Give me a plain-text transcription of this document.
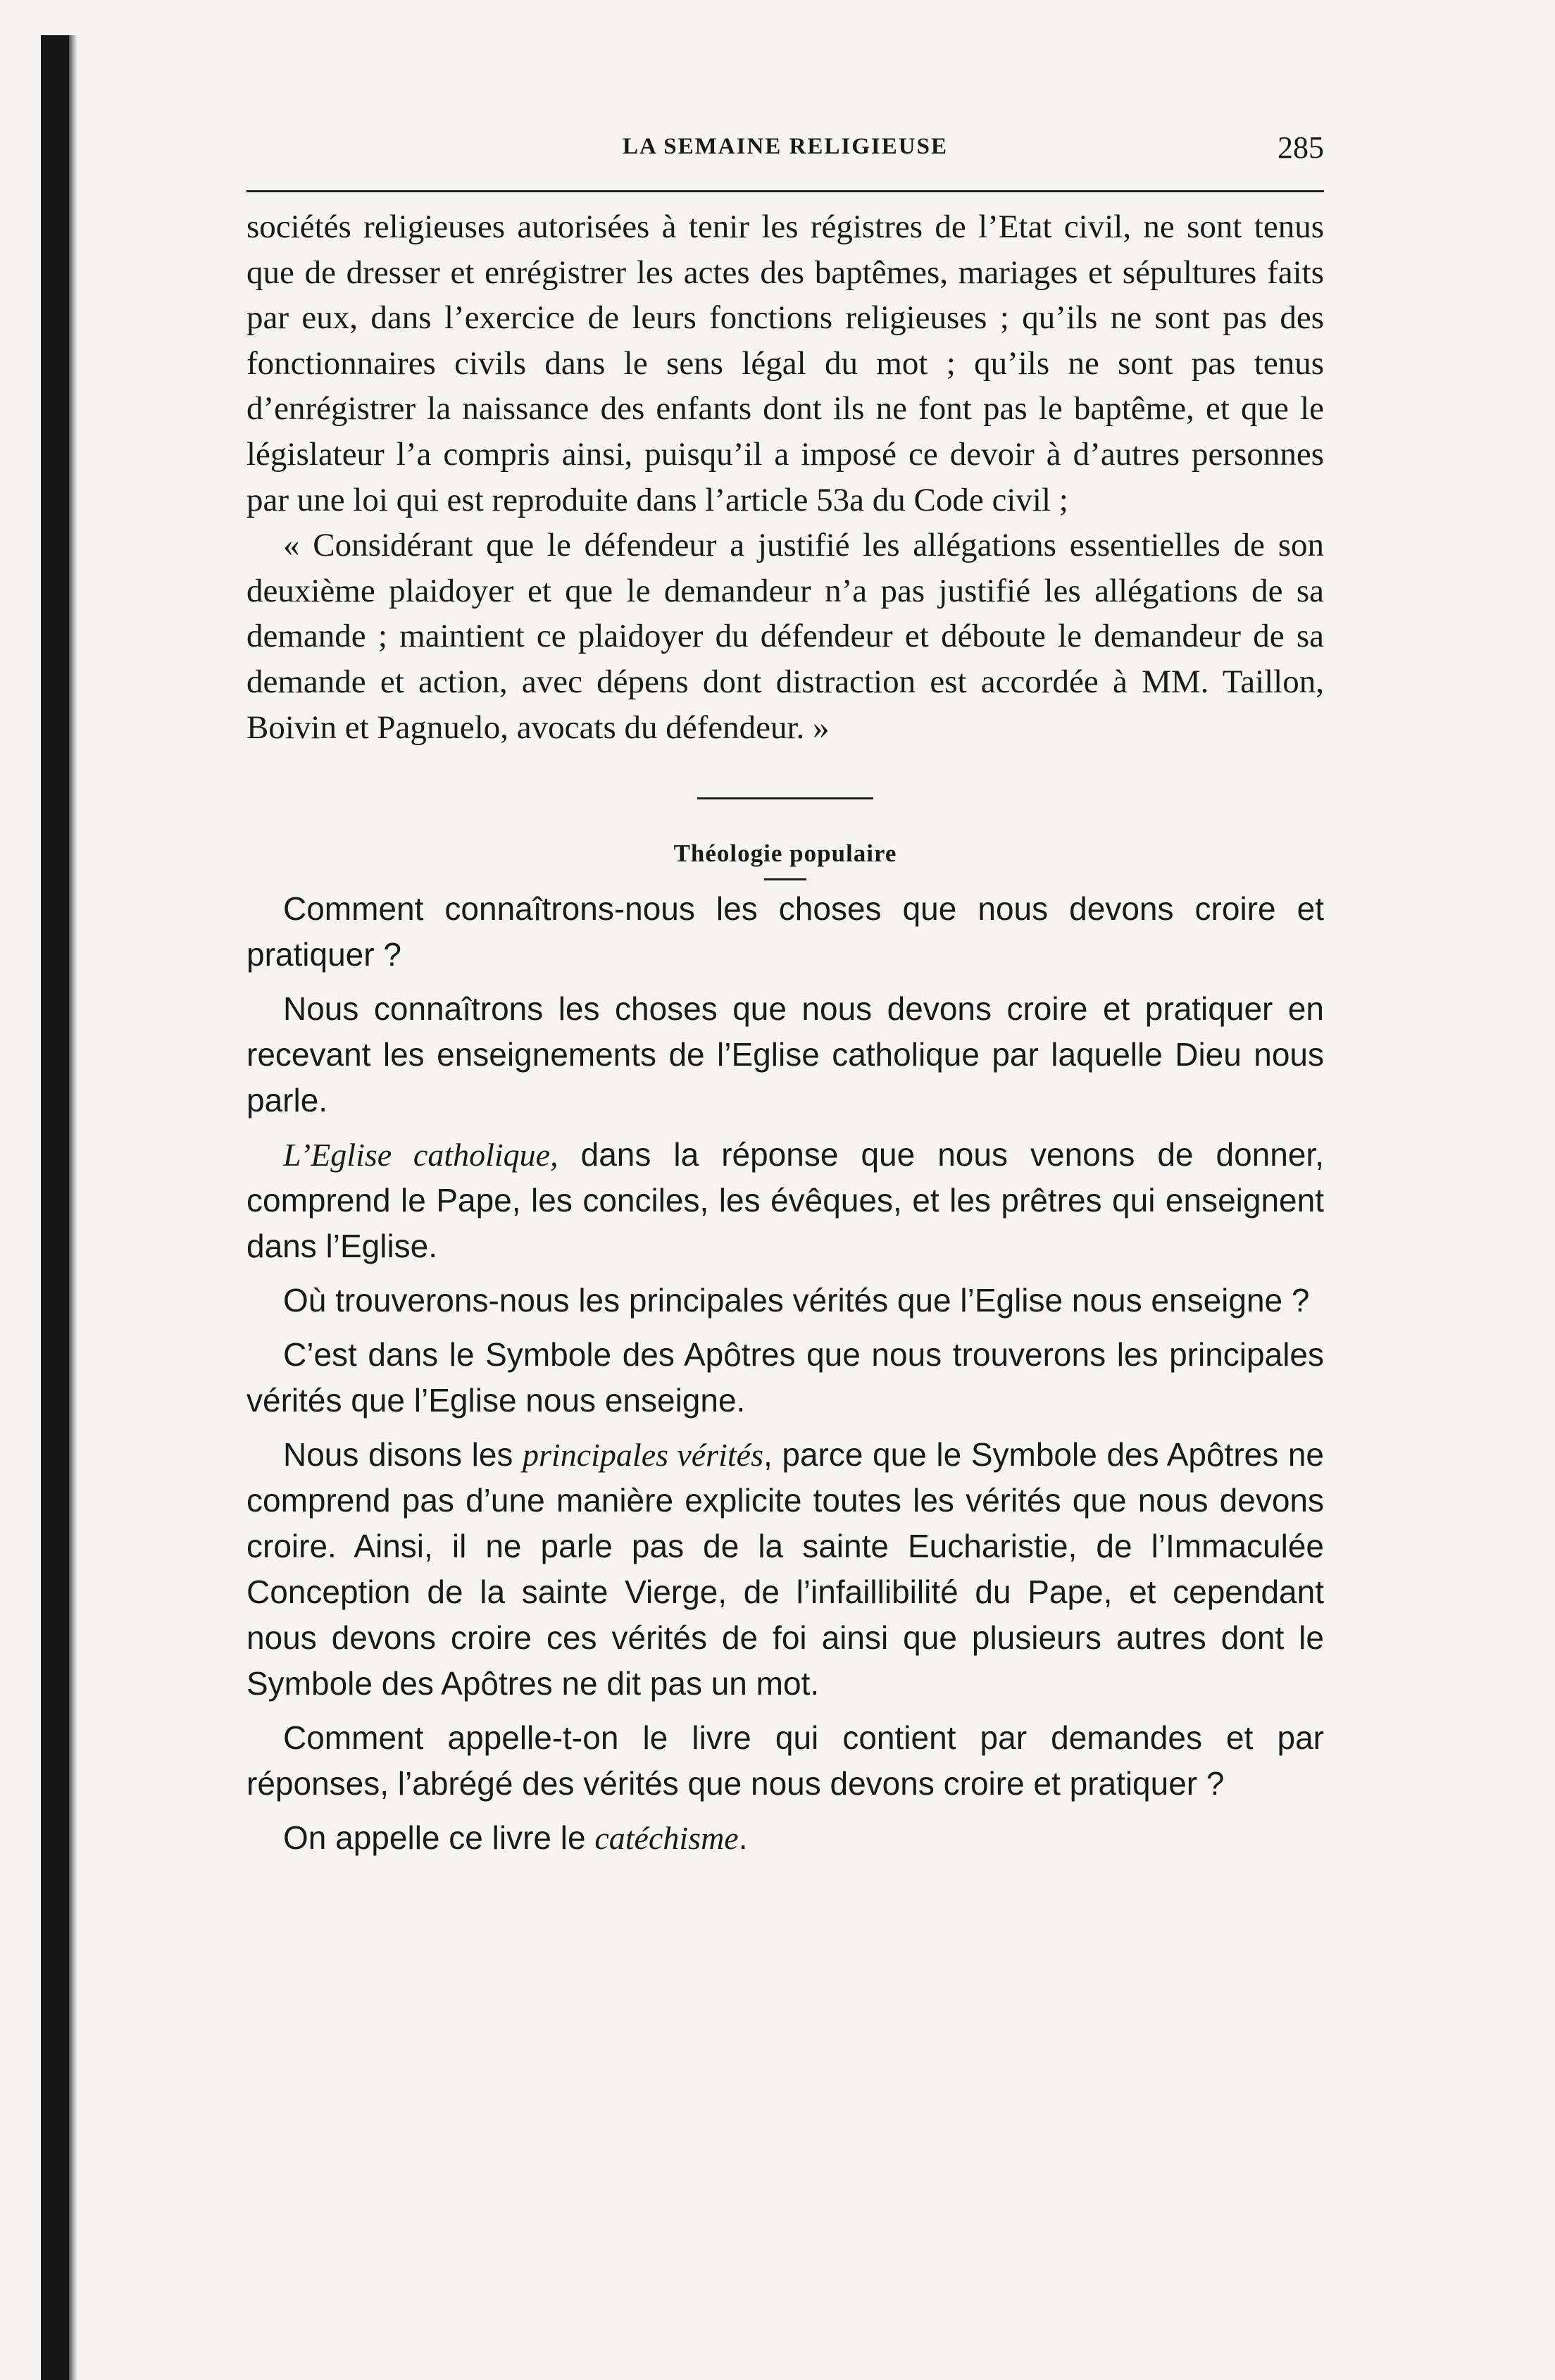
LA SEMAINE RELIGIEUSE	285

sociétés religieuses autorisées à tenir les régistres de l’Etat civil, ne sont tenus que de dresser et enrégistrer les actes des baptêmes, mariages et sépultures faits par eux, dans l’exercice de leurs fonctions religieuses ; qu’ils ne sont pas des fonctionnaires civils dans le sens légal du mot ; qu’ils ne sont pas tenus d’enrégistrer la naissance des enfants dont ils ne font pas le baptême, et que le législateur l’a compris ainsi, puisqu’il a imposé ce devoir à d’autres personnes par une loi qui est reproduite dans l’article 53a du Code civil ;

« Considérant que le défendeur a justifié les allégations essentielles de son deuxième plaidoyer et que le demandeur n’a pas justifié les allégations de sa demande ; maintient ce plaidoyer du défendeur et déboute le demandeur de sa demande et action, avec dépens dont distraction est accordée à MM. Taillon, Boivin et Pagnuelo, avocats du défendeur. »

Théologie populaire

Comment connaîtrons-nous les choses que nous devons croire et pratiquer ?

Nous connaîtrons les choses que nous devons croire et pratiquer en recevant les enseignements de l’Eglise catholique par laquelle Dieu nous parle.

L’Eglise catholique, dans la réponse que nous venons de donner, comprend le Pape, les conciles, les évêques, et les prêtres qui enseignent dans l’Eglise.

Où trouverons-nous les principales vérités que l’Eglise nous enseigne ?

C’est dans le Symbole des Apôtres que nous trouverons les principales vérités que l’Eglise nous enseigne.

Nous disons les principales vérités, parce que le Symbole des Apôtres ne comprend pas d’une manière explicite toutes les vérités que nous devons croire. Ainsi, il ne parle pas de la sainte Eucharistie, de l’Immaculée Conception de la sainte Vierge, de l’infaillibilité du Pape, et cependant nous devons croire ces vérités de foi ainsi que plusieurs autres dont le Symbole des Apôtres ne dit pas un mot.

Comment appelle-t-on le livre qui contient par demandes et par réponses, l’abrégé des vérités que nous devons croire et pratiquer ?

On appelle ce livre le catéchisme.
